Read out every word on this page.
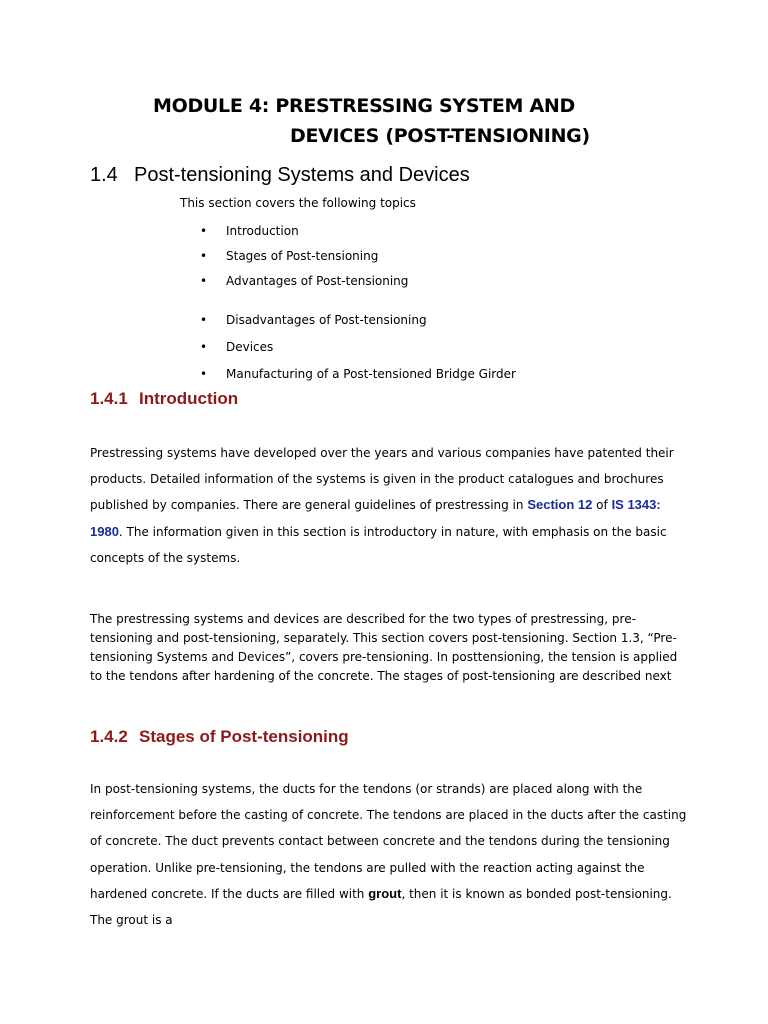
MODULE 4: PRESTRESSING SYSTEM AND
DEVICES (POST-TENSIONING)
1.4 Post-tensioning Systems and Devices

This section covers the following topics

• Introduction
• Stages of Post-tensioning
• Advantages of Post-tensioning
• Disadvantages of Post-tensioning
• Devices
• Manufacturing of a Post-tensioned Bridge Girder
1.4.1 Introduction

Prestressing systems have developed over the years and various companies have patented their products. Detailed information of the systems is given in the product catalogues and brochures published by companies. There are general guidelines of prestressing in Section 12 of IS 1343: 1980. The information given in this section is introductory in nature, with emphasis on the basic concepts of the systems.

The prestressing systems and devices are described for the two types of prestressing, pre-tensioning and post-tensioning, separately. This section covers post-tensioning. Section 1.3, “Pre-tensioning Systems and Devices”, covers pre-tensioning. In posttensioning, the tension is applied to the tendons after hardening of the concrete. The stages of post-tensioning are described next

1.4.2 Stages of Post-tensioning

In post-tensioning systems, the ducts for the tendons (or strands) are placed along with the reinforcement before the casting of concrete. The tendons are placed in the ducts after the casting of concrete. The duct prevents contact between concrete and the tendons during the tensioning operation. Unlike pre-tensioning, the tendons are pulled with the reaction acting against the hardened concrete. If the ducts are filled with grout, then it is known as bonded post-tensioning. The grout is a
